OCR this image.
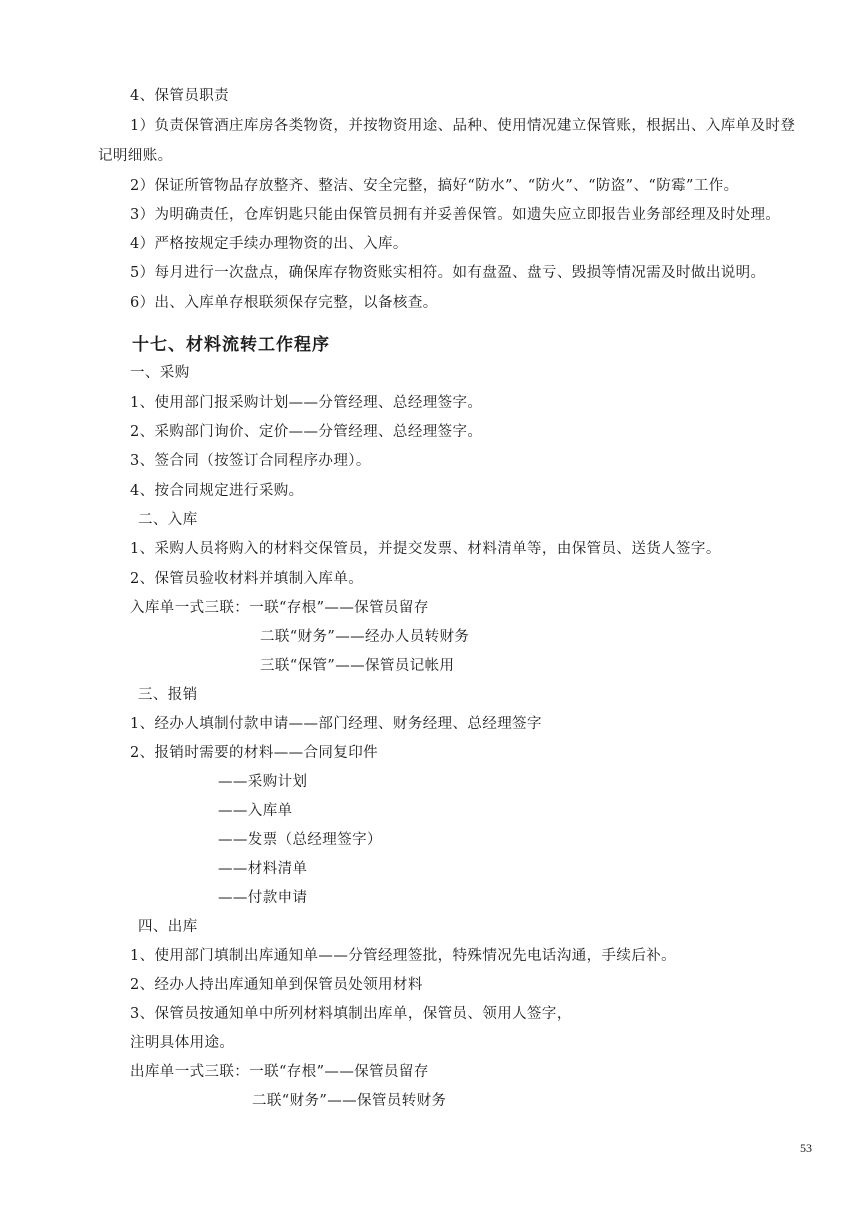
4、保管员职责
1）负责保管酒庄库房各类物资，并按物资用途、品种、使用情况建立保管账，根据出、入库单及时登
记明细账。
2）保证所管物品存放整齐、整洁、安全完整，搞好“防水”、“防火”、“防盗”、“防霉”工作。
3）为明确责任，仓库钥匙只能由保管员拥有并妥善保管。如遗失应立即报告业务部经理及时处理。
4）严格按规定手续办理物资的出、入库。
5）每月进行一次盘点，确保库存物资账实相符。如有盘盈、盘亏、毁损等情况需及时做出说明。
6）出、入库单存根联须保存完整，以备核查。
十七、材料流转工作程序
一、采购
1、使用部门报采购计划——分管经理、总经理签字。
2、采购部门询价、定价——分管经理、总经理签字。
3、签合同（按签订合同程序办理）。
4、按合同规定进行采购。
二、入库
1、采购人员将购入的材料交保管员，并提交发票、材料清单等，由保管员、送货人签字。
2、保管员验收材料并填制入库单。
入库单一式三联：一联“存根”——保管员留存
二联“财务”——经办人员转财务
三联“保管”——保管员记帐用
三、报销
1、经办人填制付款申请——部门经理、财务经理、总经理签字
2、报销时需要的材料——合同复印件
——采购计划
——入库单
——发票（总经理签字）
——材料清单
——付款申请
四、出库
1、使用部门填制出库通知单——分管经理签批，特殊情况先电话沟通，手续后补。
2、经办人持出库通知单到保管员处领用材料
3、保管员按通知单中所列材料填制出库单，保管员、领用人签字，
注明具体用途。
出库单一式三联：一联“存根”——保管员留存
二联“财务”——保管员转财务
53
